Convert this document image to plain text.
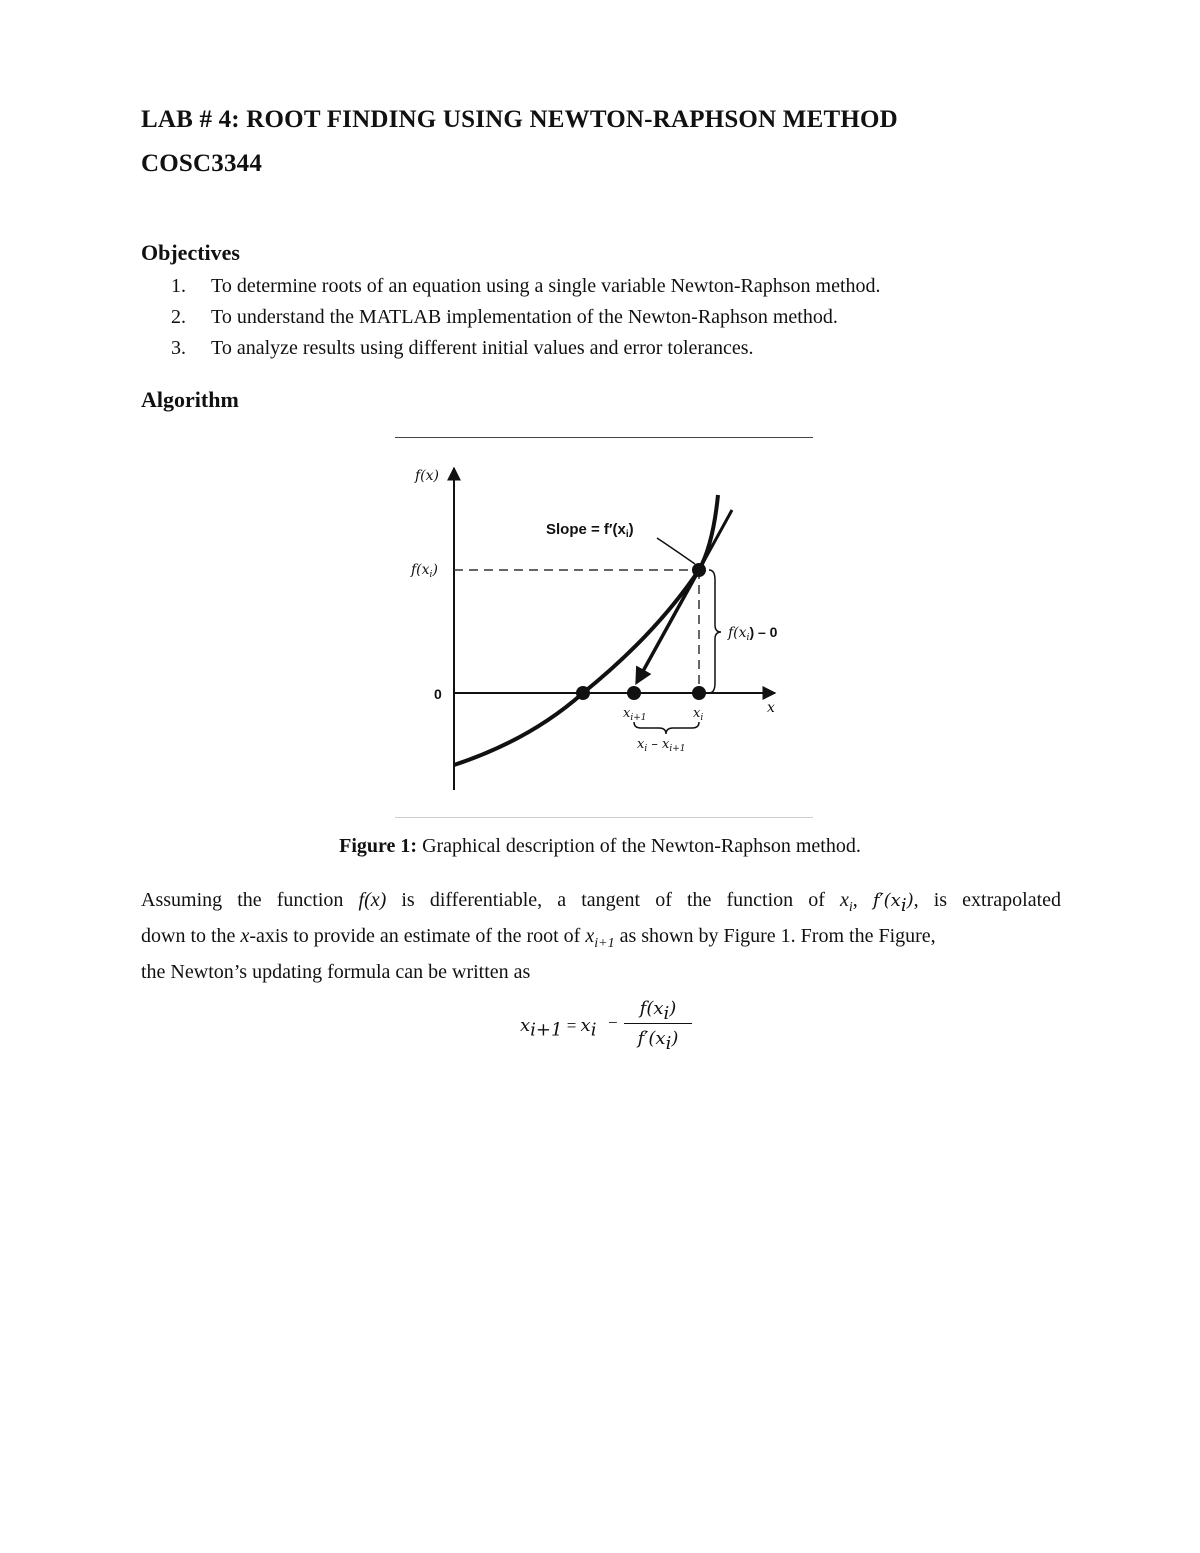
LAB # 4: ROOT FINDING USING NEWTON-RAPHSON METHOD
COSC3344
Objectives
1. To determine roots of an equation using a single variable Newton-Raphson method.
2. To understand the MATLAB implementation of the Newton-Raphson method.
3. To analyze results using different initial values and error tolerances.
Algorithm
Slope = $f'(x_i)$
f(x)
$f(x_i)$
0
$f(x_i) - 0$
$x_{i+1}$	$x_i$
x
$x_i - x_{i+1}$
Figure 1: Graphical description of the Newton-Raphson method.

Assuming the function f(x) is differentiable, a tangent of the function of $x_i$, $f'(x_i)$, is extrapolated
down to the x-axis to provide an estimate of the root of $x_{i+1}$ as shown by Figure 1. From the Figure,
the Newton’s updating formula can be written as

$x_{i+1} = x_i$ −
$f(x_i)$
$f'(x_i)$
